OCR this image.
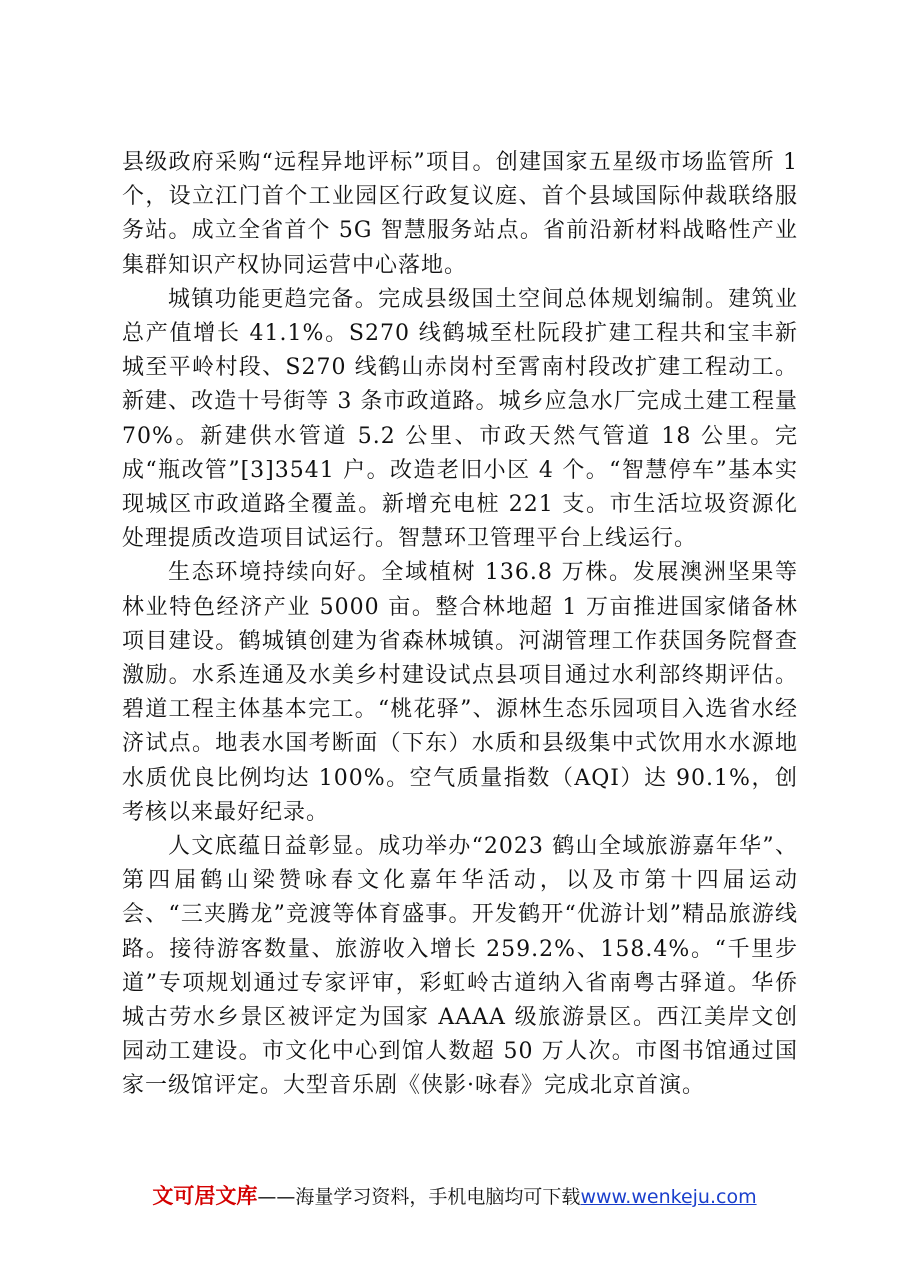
县级政府采购“远程异地评标”项目。创建国家五星级市场监管所 1 个，设立江门首个工业园区行政复议庭、首个县域国际仲裁联络服务站。成立全省首个 5G 智慧服务站点。省前沿新材料战略性产业集群知识产权协同运营中心落地。

城镇功能更趋完备。完成县级国土空间总体规划编制。建筑业总产值增长 41.1%。S270 线鹤城至杜阮段扩建工程共和宝丰新城至平岭村段、S270 线鹤山赤岗村至霄南村段改扩建工程动工。新建、改造十号街等 3 条市政道路。城乡应急水厂完成土建工程量 70%。新建供水管道 5.2 公里、市政天然气管道 18 公里。完成“瓶改管”[3]3541 户。改造老旧小区 4 个。“智慧停车”基本实现城区市政道路全覆盖。新增充电桩 221 支。市生活垃圾资源化处理提质改造项目试运行。智慧环卫管理平台上线运行。

生态环境持续向好。全域植树 136.8 万株。发展澳洲坚果等林业特色经济产业 5000 亩。整合林地超 1 万亩推进国家储备林项目建设。鹤城镇创建为省森林城镇。河湖管理工作获国务院督查激励。水系连通及水美乡村建设试点县项目通过水利部终期评估。碧道工程主体基本完工。“桃花驿”、源林生态乐园项目入选省水经济试点。地表水国考断面（下东）水质和县级集中式饮用水水源地水质优良比例均达 100%。空气质量指数（AQI）达 90.1%，创考核以来最好纪录。

人文底蕴日益彰显。成功举办“2023 鹤山全域旅游嘉年华”、第四届鹤山梁赞咏春文化嘉年华活动，以及市第十四届运动会、“三夹腾龙”竞渡等体育盛事。开发鹤开“优游计划”精品旅游线路。接待游客数量、旅游收入增长 259.2%、158.4%。“千里步道”专项规划通过专家评审，彩虹岭古道纳入省南粤古驿道。华侨城古劳水乡景区被评定为国家 AAAA 级旅游景区。西江美岸文创园动工建设。市文化中心到馆人数超 50 万人次。市图书馆通过国家一级馆评定。大型音乐剧《侠影·咏春》完成北京首演。

文可居文库——海量学习资料，手机电脑均可下载www.wenkeju.com
